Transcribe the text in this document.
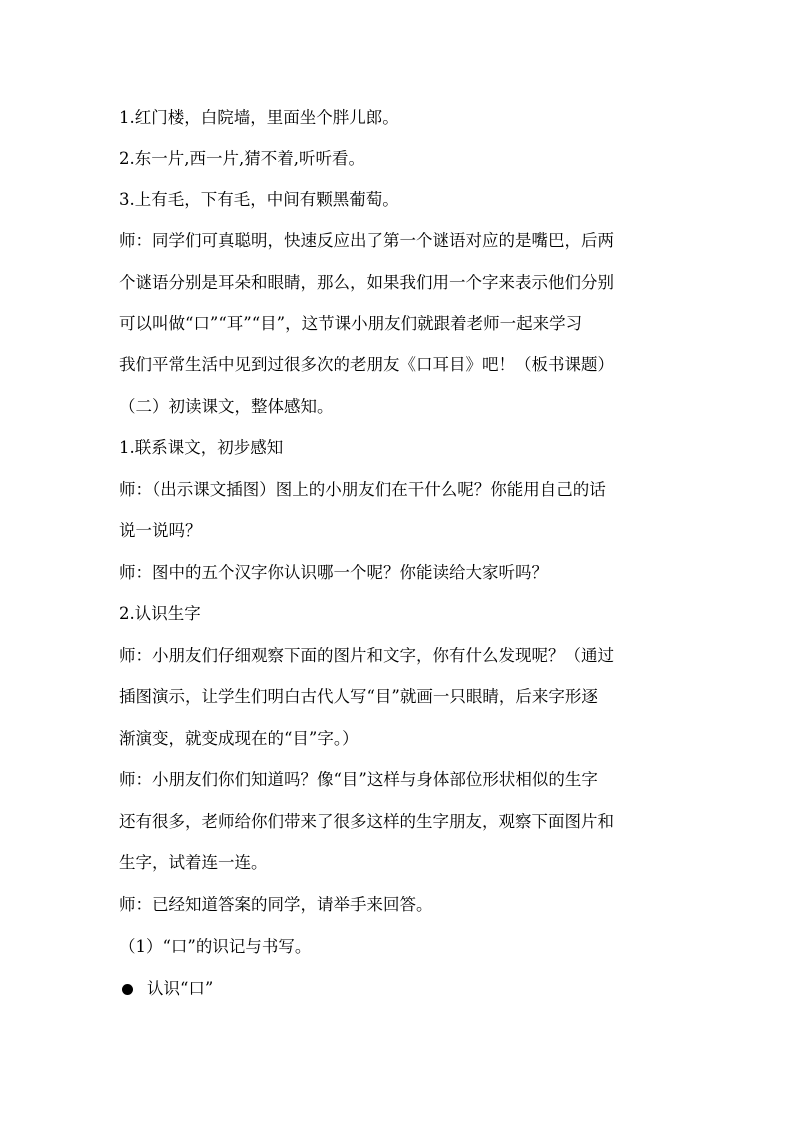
1.红门楼，白院墙，里面坐个胖儿郎。
2.东一片,西一片,猜不着,听听看。
3.上有毛，下有毛，中间有颗黑葡萄。
师：同学们可真聪明，快速反应出了第一个谜语对应的是嘴巴，后两
个谜语分别是耳朵和眼睛，那么，如果我们用一个字来表示他们分别
可以叫做“口”“耳”“目”，这节课小朋友们就跟着老师一起来学习
我们平常生活中见到过很多次的老朋友《口耳目》吧！（板书课题）
（二）初读课文，整体感知。
1.联系课文，初步感知
师：（出示课文插图）图上的小朋友们在干什么呢？你能用自己的话
说一说吗？
师：图中的五个汉字你认识哪一个呢？你能读给大家听吗？
2.认识生字
师：小朋友们仔细观察下面的图片和文字，你有什么发现呢？（通过
插图演示，让学生们明白古代人写“目”就画一只眼睛，后来字形逐
渐演变，就变成现在的“目”字。）
师：小朋友们你们知道吗？像“目”这样与身体部位形状相似的生字
还有很多，老师给你们带来了很多这样的生字朋友，观察下面图片和
生字，试着连一连。
师：已经知道答案的同学，请举手来回答。
（1）“口”的识记与书写。
认识“口”
